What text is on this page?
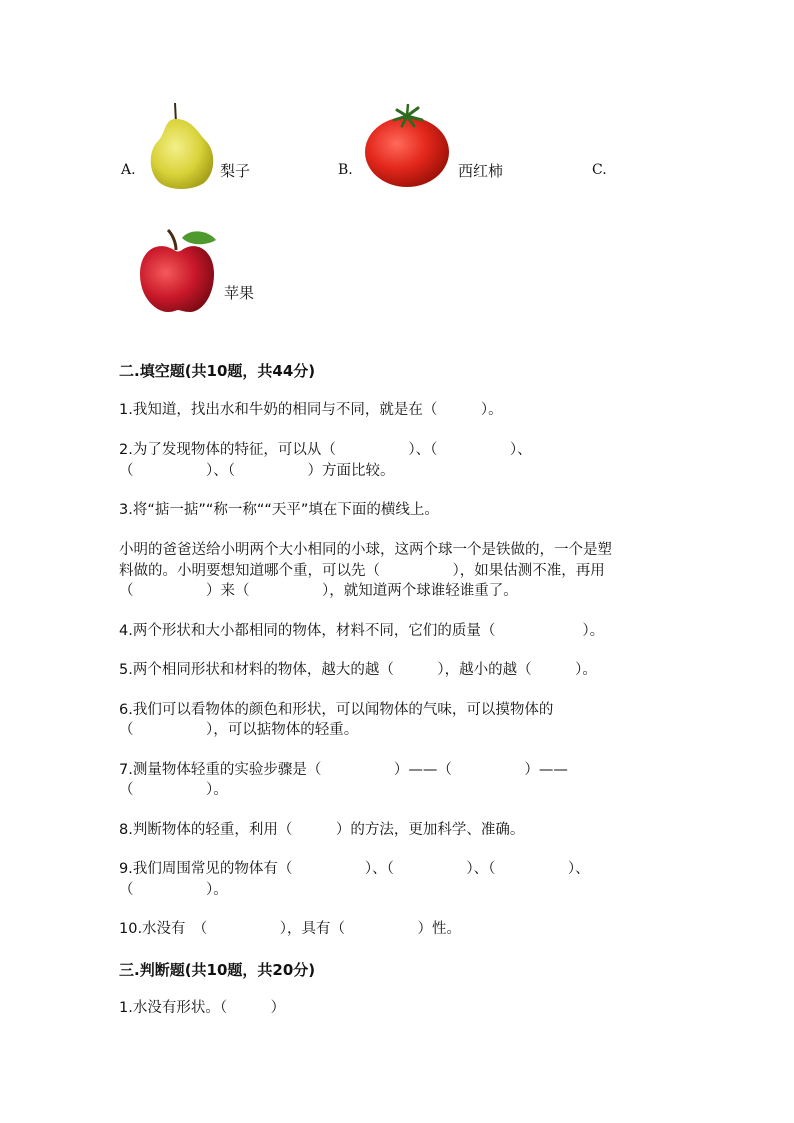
A.	梨子	B.	西红柿	C.
苹果
二.填空题(共10题，共44分)
1.我知道，找出水和牛奶的相同与不同，就是在（　　　）。
2.为了发现物体的特征，可以从（　　　　　）、（　　　　　）、
（　　　　　）、（　　　　　）方面比较。
3.将“掂一掂”“称一称““天平”填在下面的横线上。
小明的爸爸送给小明两个大小相同的小球，这两个球一个是铁做的，一个是塑
料做的。小明要想知道哪个重，可以先（　　　　　），如果估测不准，再用
（　　　　　）来（　　　　　），就知道两个球谁轻谁重了。
4.两个形状和大小都相同的物体，材料不同，它们的质量（　　　　　　）。
5.两个相同形状和材料的物体，越大的越（　　　），越小的越（　　　）。
6.我们可以看物体的颜色和形状，可以闻物体的气味，可以摸物体的
（　　　　　），可以掂物体的轻重。
7.测量物体轻重的实验步骤是（　　　　　）——（　　　　　）——
（　　　　　）。
8.判断物体的轻重，利用（　　　）的方法，更加科学、准确。
9.我们周围常见的物体有（　　　　　）、（　　　　　）、（　　　　　）、
（　　　　　）。
10.水没有　（　　　　　），具有（　　　　　）性。
三.判断题(共10题，共20分)
1.水没有形状。（　　　）
